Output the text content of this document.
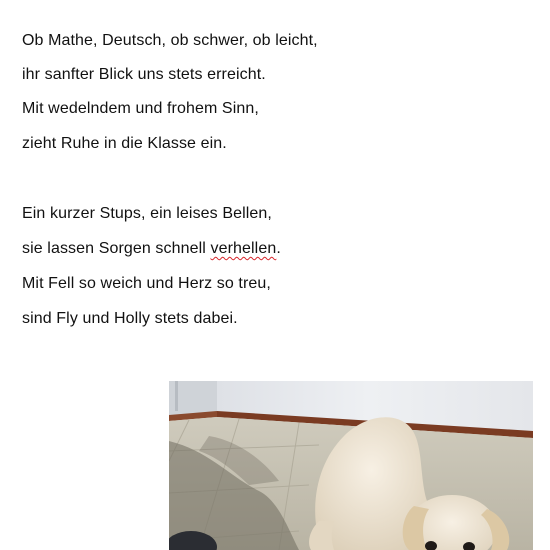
Ob Mathe, Deutsch, ob schwer, ob leicht,
ihr sanfter Blick uns stets erreicht.
Mit wedelndem und frohem Sinn,
zieht Ruhe in die Klasse ein.
Ein kurzer Stups, ein leises Bellen,
sie lassen Sorgen schnell verhellen.
Mit Fell so weich und Herz so treu,
sind Fly und Holly stets dabei.
